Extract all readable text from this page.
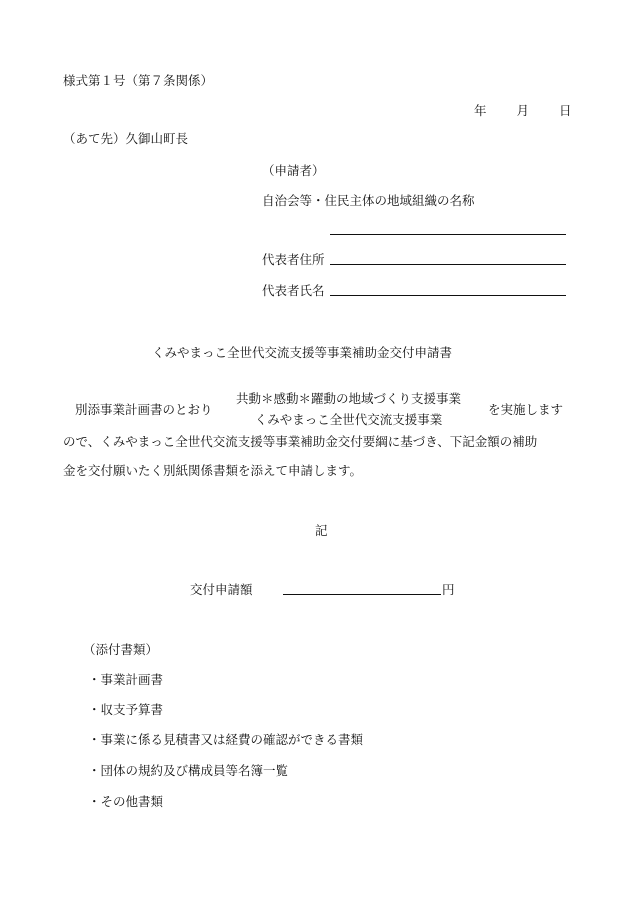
様式第１号（第７条関係）
年 月 日
（あて先）久御山町長
（申請者）
自治会等・住民主体の地域組織の名称
代表者住所
代表者氏名
くみやまっこ全世代交流支援等事業補助金交付申請書
別添事業計画書のとおり
共動＊感動＊躍動の地域づくり支援事業
くみやまっこ全世代交流支援事業
を実施します
ので、くみやまっこ全世代交流支援等事業補助金交付要綱に基づき、下記金額の補助
金を交付願いたく別紙関係書類を添えて申請します。
記
交付申請額	円
（添付書類）
・事業計画書
・収支予算書
・事業に係る見積書又は経費の確認ができる書類
・団体の規約及び構成員等名簿一覧
・その他書類
